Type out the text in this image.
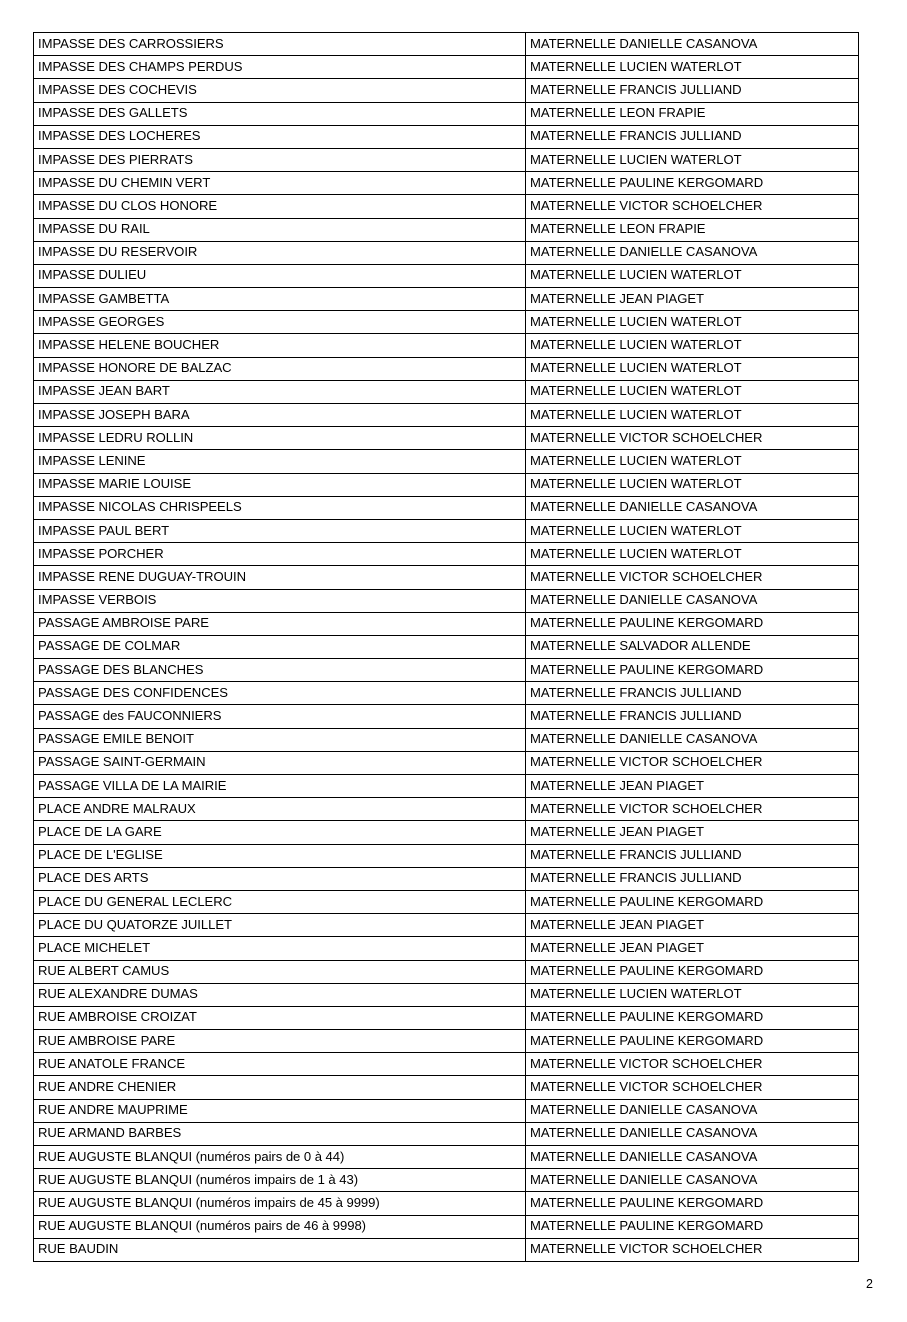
IMPASSE DES CARROSSIERS	MATERNELLE DANIELLE CASANOVA
IMPASSE DES CHAMPS PERDUS	MATERNELLE LUCIEN WATERLOT
IMPASSE DES COCHEVIS	MATERNELLE FRANCIS JULLIAND
IMPASSE DES GALLETS	MATERNELLE LEON FRAPIE
IMPASSE DES LOCHERES	MATERNELLE FRANCIS JULLIAND
IMPASSE DES PIERRATS	MATERNELLE LUCIEN WATERLOT
IMPASSE DU CHEMIN VERT	MATERNELLE PAULINE KERGOMARD
IMPASSE DU CLOS HONORE	MATERNELLE VICTOR SCHOELCHER
IMPASSE DU RAIL	MATERNELLE LEON FRAPIE
IMPASSE DU RESERVOIR	MATERNELLE DANIELLE CASANOVA
IMPASSE DULIEU	MATERNELLE LUCIEN WATERLOT
IMPASSE GAMBETTA	MATERNELLE JEAN PIAGET
IMPASSE GEORGES	MATERNELLE LUCIEN WATERLOT
IMPASSE HELENE BOUCHER	MATERNELLE LUCIEN WATERLOT
IMPASSE HONORE DE BALZAC	MATERNELLE LUCIEN WATERLOT
IMPASSE JEAN BART	MATERNELLE LUCIEN WATERLOT
IMPASSE JOSEPH BARA	MATERNELLE LUCIEN WATERLOT
IMPASSE LEDRU ROLLIN	MATERNELLE VICTOR SCHOELCHER
IMPASSE LENINE	MATERNELLE LUCIEN WATERLOT
IMPASSE MARIE LOUISE	MATERNELLE LUCIEN WATERLOT
IMPASSE NICOLAS CHRISPEELS	MATERNELLE DANIELLE CASANOVA
IMPASSE PAUL BERT	MATERNELLE LUCIEN WATERLOT
IMPASSE PORCHER	MATERNELLE LUCIEN WATERLOT
IMPASSE RENE DUGUAY-TROUIN	MATERNELLE VICTOR SCHOELCHER
IMPASSE VERBOIS	MATERNELLE DANIELLE CASANOVA
PASSAGE AMBROISE PARE	MATERNELLE PAULINE KERGOMARD
PASSAGE DE COLMAR	MATERNELLE SALVADOR ALLENDE
PASSAGE DES BLANCHES	MATERNELLE PAULINE KERGOMARD
PASSAGE DES CONFIDENCES	MATERNELLE FRANCIS JULLIAND
PASSAGE des FAUCONNIERS	MATERNELLE FRANCIS JULLIAND
PASSAGE EMILE BENOIT	MATERNELLE DANIELLE CASANOVA
PASSAGE SAINT-GERMAIN	MATERNELLE VICTOR SCHOELCHER
PASSAGE VILLA DE LA MAIRIE	MATERNELLE JEAN PIAGET
PLACE ANDRE MALRAUX	MATERNELLE VICTOR SCHOELCHER
PLACE DE LA GARE	MATERNELLE JEAN PIAGET
PLACE DE L'EGLISE	MATERNELLE FRANCIS JULLIAND
PLACE DES ARTS	MATERNELLE FRANCIS JULLIAND
PLACE DU GENERAL LECLERC	MATERNELLE PAULINE KERGOMARD
PLACE DU QUATORZE JUILLET	MATERNELLE JEAN PIAGET
PLACE MICHELET	MATERNELLE JEAN PIAGET
RUE ALBERT CAMUS	MATERNELLE PAULINE KERGOMARD
RUE ALEXANDRE DUMAS	MATERNELLE LUCIEN WATERLOT
RUE AMBROISE CROIZAT	MATERNELLE PAULINE KERGOMARD
RUE AMBROISE PARE	MATERNELLE PAULINE KERGOMARD
RUE ANATOLE FRANCE	MATERNELLE VICTOR SCHOELCHER
RUE ANDRE CHENIER	MATERNELLE VICTOR SCHOELCHER
RUE ANDRE MAUPRIME	MATERNELLE DANIELLE CASANOVA
RUE ARMAND BARBES	MATERNELLE DANIELLE CASANOVA
RUE AUGUSTE BLANQUI (numéros pairs de 0 à 44)	MATERNELLE DANIELLE CASANOVA
RUE AUGUSTE BLANQUI (numéros impairs de 1 à 43)	MATERNELLE DANIELLE CASANOVA
RUE AUGUSTE BLANQUI (numéros impairs de 45 à 9999)	MATERNELLE PAULINE KERGOMARD
RUE AUGUSTE BLANQUI (numéros pairs de 46 à 9998)	MATERNELLE PAULINE KERGOMARD
RUE BAUDIN	MATERNELLE VICTOR SCHOELCHER
2
